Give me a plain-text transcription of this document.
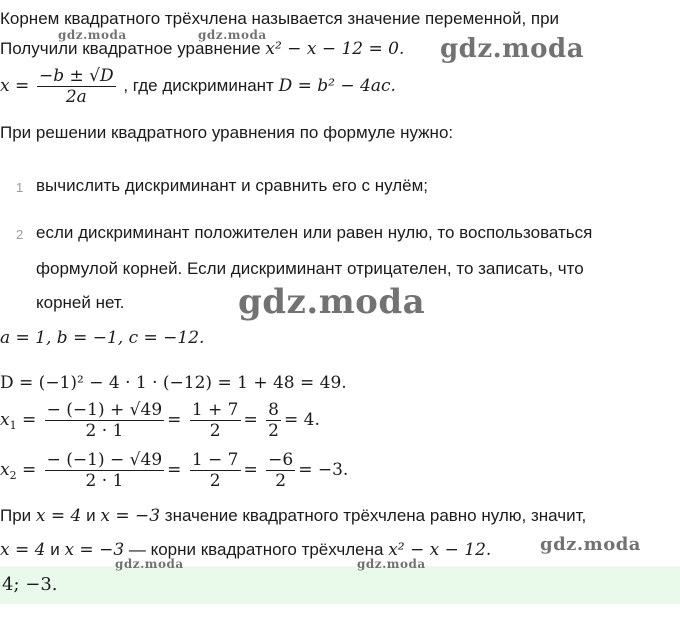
Корнем квадратного трёхчлена называется значение переменной, при
Получили квадратное уравнение x² − x − 12 = 0.
$x = \frac{-b \pm √D}{2a}$ , где дискриминант D = b² − 4ac.
При решении квадратного уравнения по формуле нужно:
1 вычислить дискриминант и сравнить его с нулём;
2 если дискриминант положителен или равен нулю, то воспользоваться
формулой корней. Если дискриминант отрицателен, то записать, что
корней нет.
a = 1, b = −1, c = −12.
D = (−1)² − 4 · 1 · (−12) = 1 + 48 = 49.
$x_1 = \frac{- (-1) + √49}{2 \cdot 1} = \frac{1 + 7}{2} = \frac{8}{2} = 4$.
$x_2 = \frac{- (-1) - √49}{2 \cdot 1} = \frac{1 - 7}{2} = \frac{-6}{2} = -3$.
При x = 4 и x = −3 значение квадратного трёхчлена равно нулю, значит,
x = 4 и x = −3 — корни квадратного трёхчлена x² − x − 12.
4; −3.
gdz.moda	gdz.moda	gdz.moda
gdz.moda
gdz.moda
gdz.moda	gdz.moda
